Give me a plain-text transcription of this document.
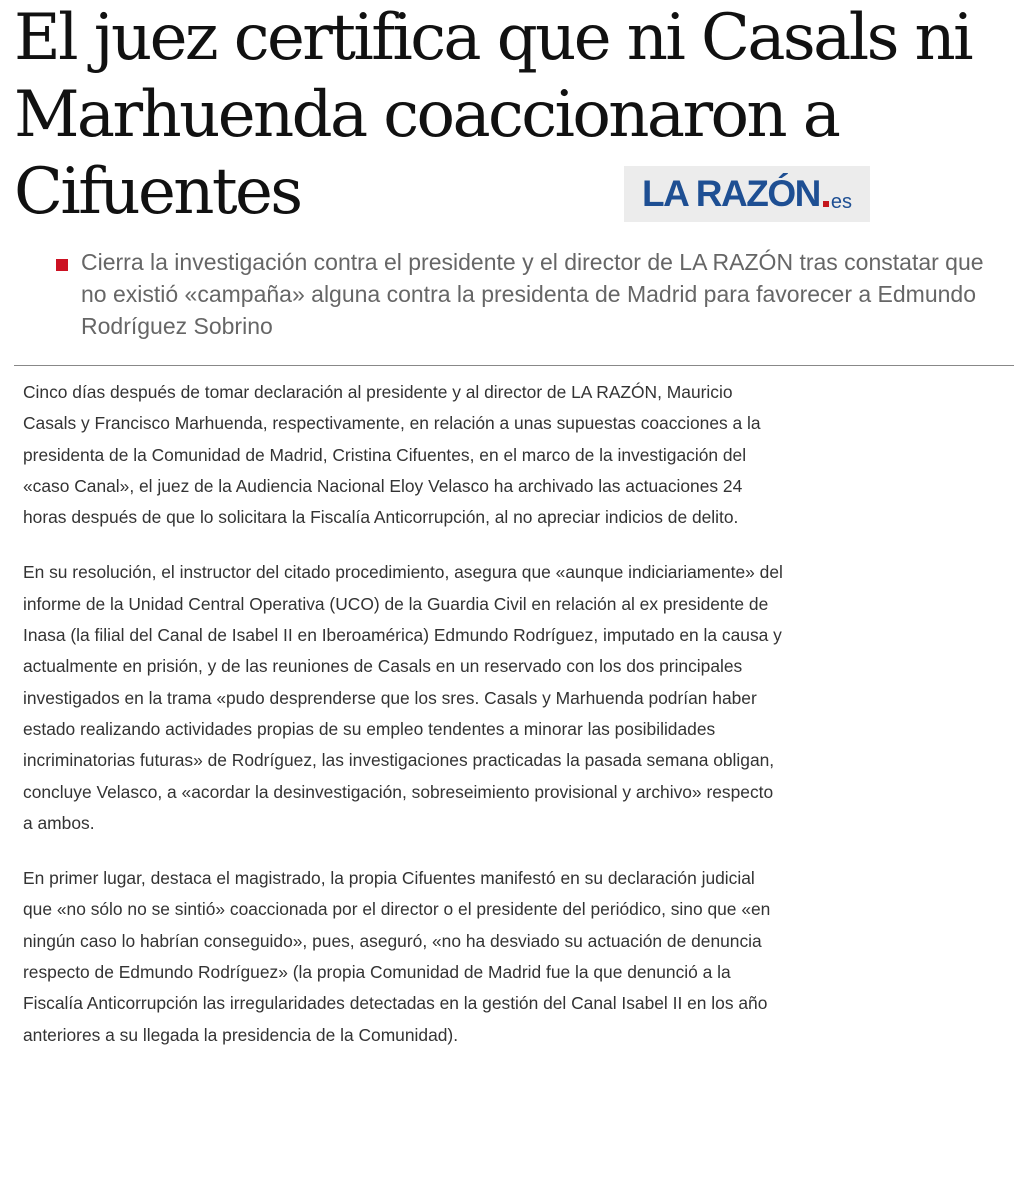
El juez certifica que ni Casals ni Marhuenda coaccionaron a Cifuentes	LA RAZÓN es
Cierra la investigación contra el presidente y el director de LA RAZÓN tras constatar que no existió «campaña» alguna contra la presidenta de Madrid para favorecer a Edmundo Rodríguez Sobrino

Cinco días después de tomar declaración al presidente y al director de LA RAZÓN, Mauricio Casals y Francisco Marhuenda, respectivamente, en relación a unas supuestas coacciones a la presidenta de la Comunidad de Madrid, Cristina Cifuentes, en el marco de la investigación del «caso Canal», el juez de la Audiencia Nacional Eloy Velasco ha archivado las actuaciones 24 horas después de que lo solicitara la Fiscalía Anticorrupción, al no apreciar indicios de delito.

En su resolución, el instructor del citado procedimiento, asegura que «aunque indiciariamente» del informe de la Unidad Central Operativa (UCO) de la Guardia Civil en relación al ex presidente de Inasa (la filial del Canal de Isabel II en Iberoamérica) Edmundo Rodríguez, imputado en la causa y actualmente en prisión, y de las reuniones de Casals en un reservado con los dos principales investigados en la trama «pudo desprenderse que los sres. Casals y Marhuenda podrían haber estado realizando actividades propias de su empleo tendentes a minorar las posibilidades incriminatorias futuras» de Rodríguez, las investigaciones practicadas la pasada semana obligan, concluye Velasco, a «acordar la desinvestigación, sobreseimiento provisional y archivo» respecto a ambos.

En primer lugar, destaca el magistrado, la propia Cifuentes manifestó en su declaración judicial que «no sólo no se sintió» coaccionada por el director o el presidente del periódico, sino que «en ningún caso lo habrían conseguido», pues, aseguró, «no ha desviado su actuación de denuncia respecto de Edmundo Rodríguez» (la propia Comunidad de Madrid fue la que denunció a la Fiscalía Anticorrupción las irregularidades detectadas en la gestión del Canal Isabel II en los año anteriores a su llegada la presidencia de la Comunidad).
